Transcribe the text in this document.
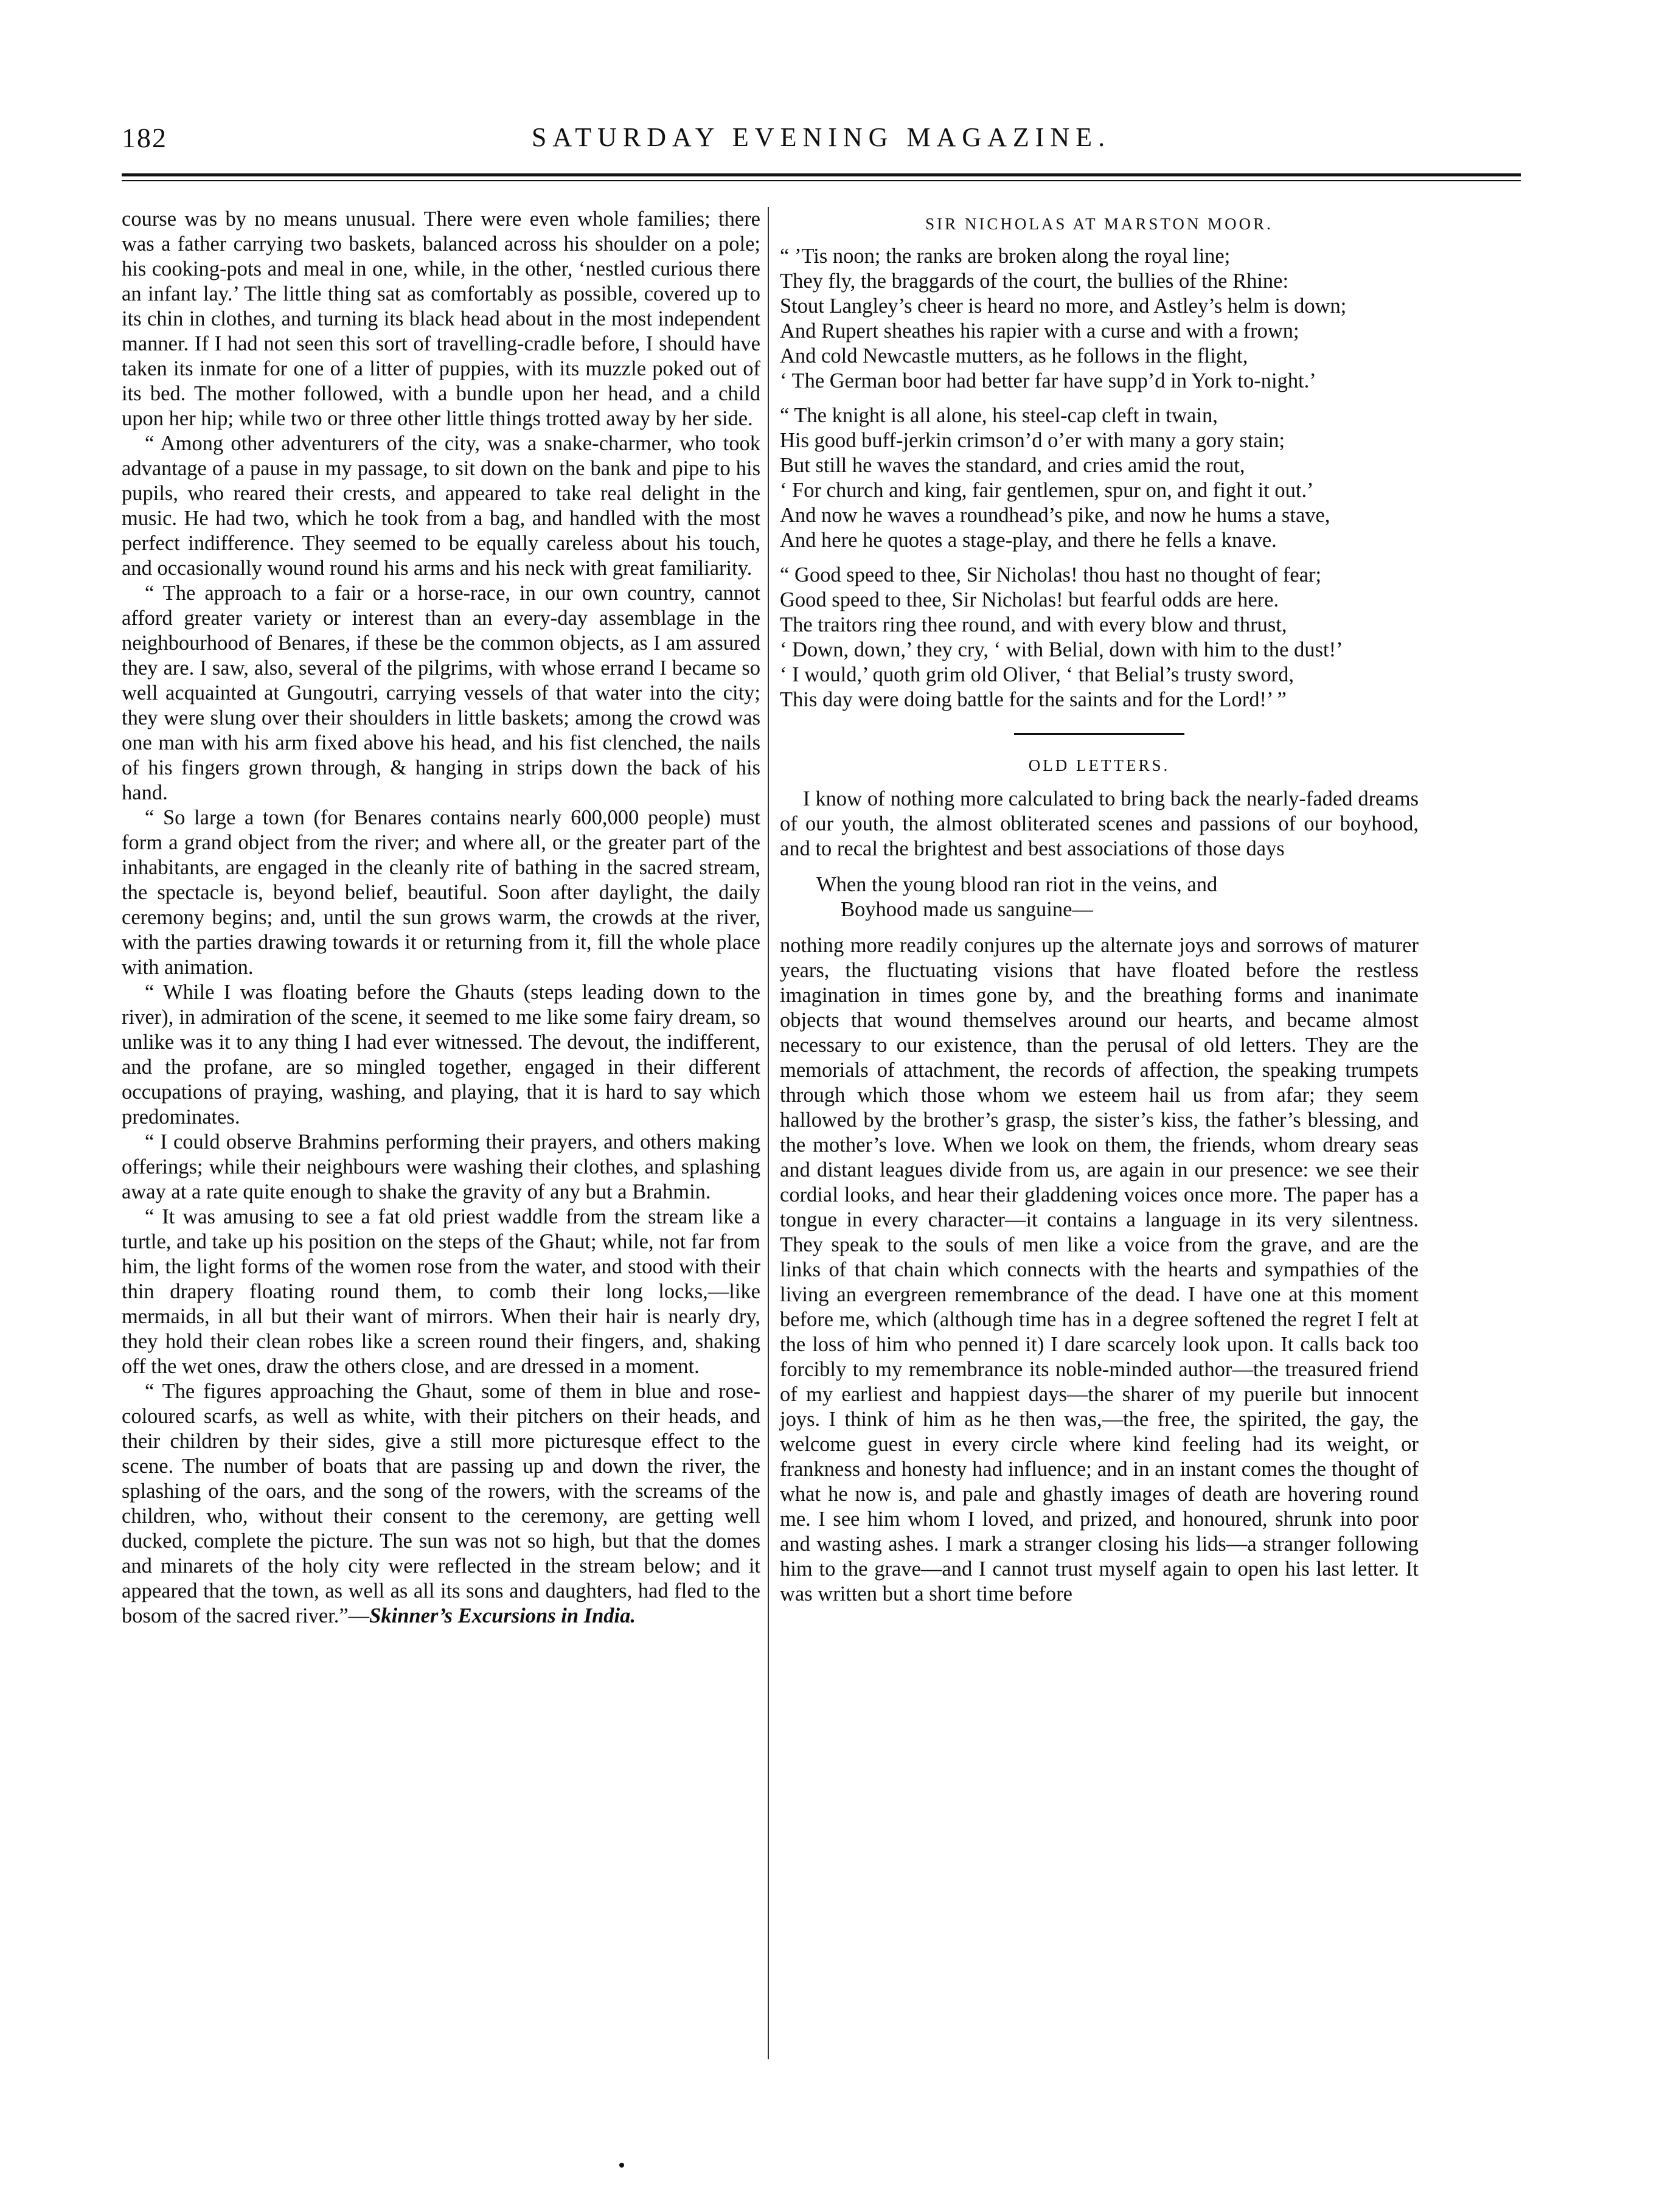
182	SATURDAY EVENING MAGAZINE.

course was by no means unusual. There were even whole families; there was a father carrying two baskets, balanced across his shoulder on a pole; his cooking-pots and meal in one, while, in the other, ‘nestled curious there an infant lay.’ The little thing sat as comfortably as possible, covered up to its chin in clothes, and turning its black head about in the most independent manner. If I had not seen this sort of travelling-cradle before, I should have taken its inmate for one of a litter of puppies, with its muzzle poked out of its bed. The mother followed, with a bundle upon her head, and a child upon her hip; while two or three other little things trotted away by her side.

“ Among other adventurers of the city, was a snake-charmer, who took advantage of a pause in my passage, to sit down on the bank and pipe to his pupils, who reared their crests, and appeared to take real delight in the music. He had two, which he took from a bag, and handled with the most perfect indifference. They seemed to be equally careless about his touch, and occasionally wound round his arms and his neck with great familiarity.

“ The approach to a fair or a horse-race, in our own country, cannot afford greater variety or interest than an every-day assemblage in the neighbourhood of Benares, if these be the common objects, as I am assured they are. I saw, also, several of the pilgrims, with whose errand I became so well acquainted at Gungoutri, carrying vessels of that water into the city; they were slung over their shoulders in little baskets; among the crowd was one man with his arm fixed above his head, and his fist clenched, the nails of his fingers grown through, & hanging in strips down the back of his hand.

“ So large a town (for Benares contains nearly 600,000 people) must form a grand object from the river; and where all, or the greater part of the inhabitants, are engaged in the cleanly rite of bathing in the sacred stream, the spectacle is, beyond belief, beautiful. Soon after daylight, the daily ceremony begins; and, until the sun grows warm, the crowds at the river, with the parties drawing towards it or returning from it, fill the whole place with animation.

“ While I was floating before the Ghauts (steps leading down to the river), in admiration of the scene, it seemed to me like some fairy dream, so unlike was it to any thing I had ever witnessed. The devout, the indifferent, and the profane, are so mingled together, engaged in their different occupations of praying, washing, and playing, that it is hard to say which predominates.

“ I could observe Brahmins performing their prayers, and others making offerings; while their neighbours were washing their clothes, and splashing away at a rate quite enough to shake the gravity of any but a Brahmin.

“ It was amusing to see a fat old priest waddle from the stream like a turtle, and take up his position on the steps of the Ghaut; while, not far from him, the light forms of the women rose from the water, and stood with their thin drapery floating round them, to comb their long locks,—like mermaids, in all but their want of mirrors. When their hair is nearly dry, they hold their clean robes like a screen round their fingers, and, shaking off the wet ones, draw the others close, and are dressed in a moment.

“ The figures approaching the Ghaut, some of them in blue and rose-coloured scarfs, as well as white, with their pitchers on their heads, and their children by their sides, give a still more picturesque effect to the scene. The number of boats that are passing up and down the river, the splashing of the oars, and the song of the rowers, with the screams of the children, who, without their consent to the ceremony, are getting well ducked, complete the picture. The sun was not so high, but that the domes and minarets of the holy city were reflected in the stream below; and it appeared that the town, as well as all its sons and daughters, had fled to the bosom of the sacred river.”—Skinner’s Excursions in India.

SIR NICHOLAS AT MARSTON MOOR.

“ ’Tis noon; the ranks are broken along the royal line;

They fly, the braggards of the court, the bullies of the Rhine:

Stout Langley’s cheer is heard no more, and Astley’s helm is down;

And Rupert sheathes his rapier with a curse and with a frown;

And cold Newcastle mutters, as he follows in the flight,

‘ The German boor had better far have supp’d in York to-night.’

“ The knight is all alone, his steel-cap cleft in twain,

His good buff-jerkin crimson’d o’er with many a gory stain;

But still he waves the standard, and cries amid the rout,

‘ For church and king, fair gentlemen, spur on, and fight it out.’

And now he waves a roundhead’s pike, and now he hums a stave,

And here he quotes a stage-play, and there he fells a knave.

“ Good speed to thee, Sir Nicholas! thou hast no thought of fear;

Good speed to thee, Sir Nicholas! but fearful odds are here.

The traitors ring thee round, and with every blow and thrust,

‘ Down, down,’ they cry, ‘ with Belial, down with him to the dust!’

‘ I would,’ quoth grim old Oliver, ‘ that Belial’s trusty sword,

This day were doing battle for the saints and for the Lord!’ ”

OLD LETTERS.

I know of nothing more calculated to bring back the nearly-faded dreams of our youth, the almost obliterated scenes and passions of our boyhood, and to recal the brightest and best associations of those days

When the young blood ran riot in the veins, and

Boyhood made us sanguine—

nothing more readily conjures up the alternate joys and sorrows of maturer years, the fluctuating visions that have floated before the restless imagination in times gone by, and the breathing forms and inanimate objects that wound themselves around our hearts, and became almost necessary to our existence, than the perusal of old letters. They are the memorials of attachment, the records of affection, the speaking trumpets through which those whom we esteem hail us from afar; they seem hallowed by the brother’s grasp, the sister’s kiss, the father’s blessing, and the mother’s love. When we look on them, the friends, whom dreary seas and distant leagues divide from us, are again in our presence: we see their cordial looks, and hear their gladdening voices once more. The paper has a tongue in every character—it contains a language in its very silentness. They speak to the souls of men like a voice from the grave, and are the links of that chain which connects with the hearts and sympathies of the living an evergreen remembrance of the dead. I have one at this moment before me, which (although time has in a degree softened the regret I felt at the loss of him who penned it) I dare scarcely look upon. It calls back too forcibly to my remembrance its noble-minded author—the treasured friend of my earliest and happiest days—the sharer of my puerile but innocent joys. I think of him as he then was,—the free, the spirited, the gay, the welcome guest in every circle where kind feeling had its weight, or frankness and honesty had influence; and in an instant comes the thought of what he now is, and pale and ghastly images of death are hovering round me. I see him whom I loved, and prized, and honoured, shrunk into poor and wasting ashes. I mark a stranger closing his lids—a stranger following him to the grave—and I cannot trust myself again to open his last letter. It was written but a short time before
